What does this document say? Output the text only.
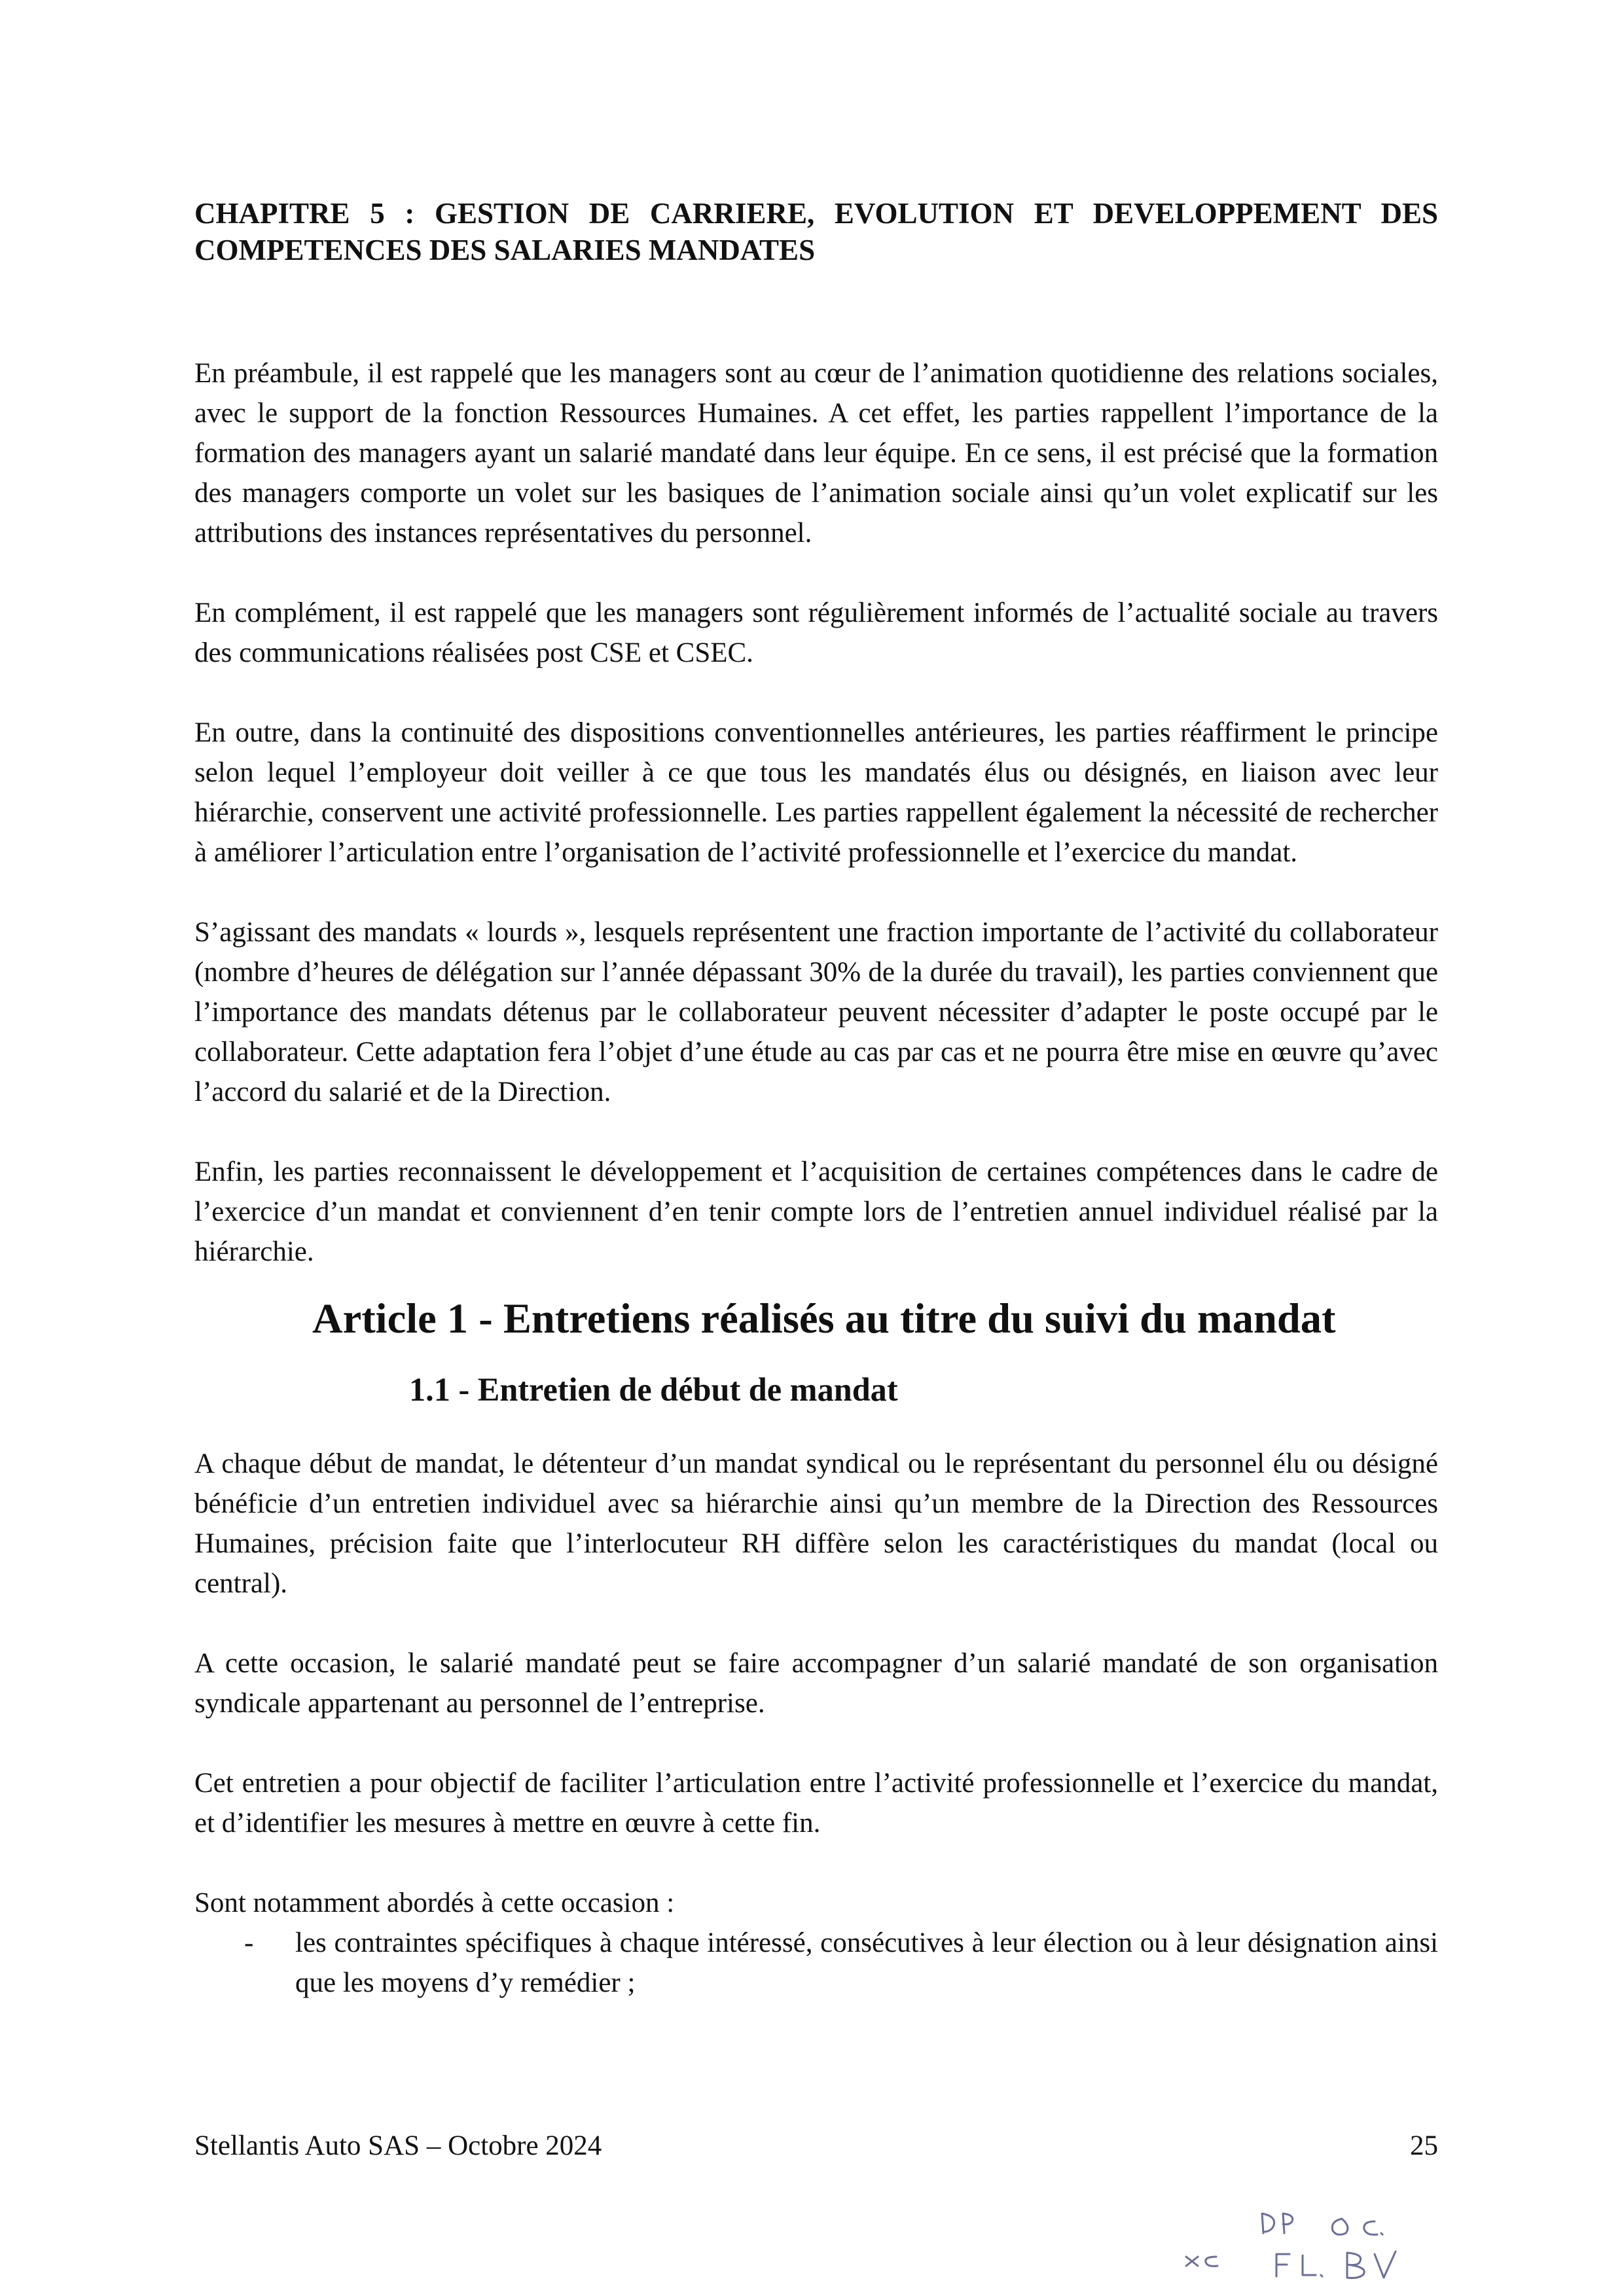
CHAPITRE 5 : GESTION DE CARRIERE, EVOLUTION ET DEVELOPPEMENT DES COMPETENCES DES SALARIES MANDATES

En préambule, il est rappelé que les managers sont au cœur de l’animation quotidienne des relations sociales, avec le support de la fonction Ressources Humaines. A cet effet, les parties rappellent l’importance de la formation des managers ayant un salarié mandaté dans leur équipe. En ce sens, il est précisé que la formation des managers comporte un volet sur les basiques de l’animation sociale ainsi qu’un volet explicatif sur les attributions des instances représentatives du personnel.

En complément, il est rappelé que les managers sont régulièrement informés de l’actualité sociale au travers des communications réalisées post CSE et CSEC.

En outre, dans la continuité des dispositions conventionnelles antérieures, les parties réaffirment le principe selon lequel l’employeur doit veiller à ce que tous les mandatés élus ou désignés, en liaison avec leur hiérarchie, conservent une activité professionnelle. Les parties rappellent également la nécessité de rechercher à améliorer l’articulation entre l’organisation de l’activité professionnelle et l’exercice du mandat.

S’agissant des mandats « lourds », lesquels représentent une fraction importante de l’activité du collaborateur (nombre d’heures de délégation sur l’année dépassant 30% de la durée du travail), les parties conviennent que l’importance des mandats détenus par le collaborateur peuvent nécessiter d’adapter le poste occupé par le collaborateur. Cette adaptation fera l’objet d’une étude au cas par cas et ne pourra être mise en œuvre qu’avec l’accord du salarié et de la Direction.

Enfin, les parties reconnaissent le développement et l’acquisition de certaines compétences dans le cadre de l’exercice d’un mandat et conviennent d’en tenir compte lors de l’entretien annuel individuel réalisé par la hiérarchie.

Article 1 - Entretiens réalisés au titre du suivi du mandat
1.1 - Entretien de début de mandat

A chaque début de mandat, le détenteur d’un mandat syndical ou le représentant du personnel élu ou désigné bénéficie d’un entretien individuel avec sa hiérarchie ainsi qu’un membre de la Direction des Ressources Humaines, précision faite que l’interlocuteur RH diffère selon les caractéristiques du mandat (local ou central).

A cette occasion, le salarié mandaté peut se faire accompagner d’un salarié mandaté de son organisation syndicale appartenant au personnel de l’entreprise.

Cet entretien a pour objectif de faciliter l’articulation entre l’activité professionnelle et l’exercice du mandat, et d’identifier les mesures à mettre en œuvre à cette fin.

Sont notamment abordés à cette occasion :

- les contraintes spécifiques à chaque intéressé, consécutives à leur élection ou à leur désignation ainsi que les moyens d’y remédier ;
Stellantis Auto SAS – Octobre 2024	25
